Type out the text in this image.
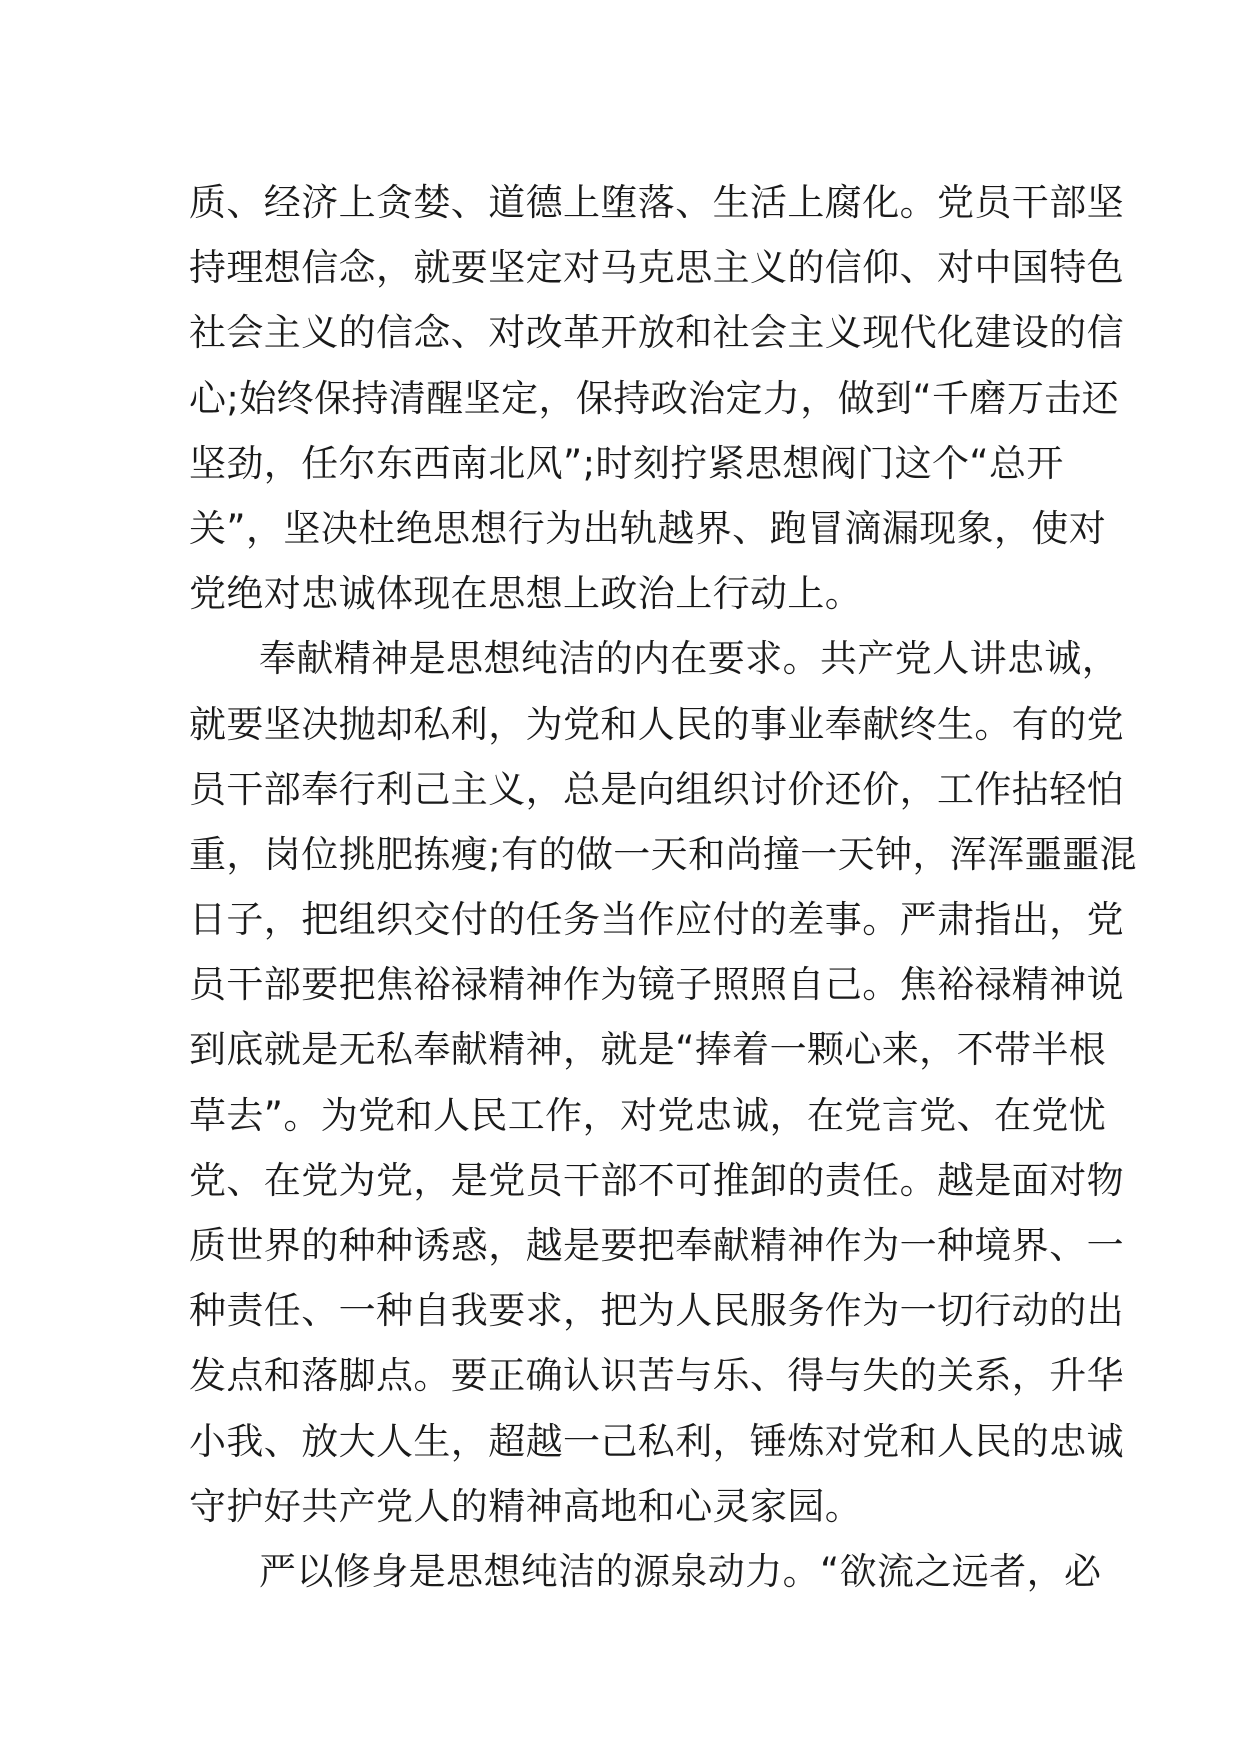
质、经济上贪婪、道德上堕落、生活上腐化。党员干部坚
持理想信念，就要坚定对马克思主义的信仰、对中国特色
社会主义的信念、对改革开放和社会主义现代化建设的信
心;始终保持清醒坚定，保持政治定力，做到“千磨万击还
坚劲，任尔东西南北风”;时刻拧紧思想阀门这个“总开
关”，坚决杜绝思想行为出轨越界、跑冒滴漏现象，使对
党绝对忠诚体现在思想上政治上行动上。
奉献精神是思想纯洁的内在要求。共产党人讲忠诚，
就要坚决抛却私利，为党和人民的事业奉献终生。有的党
员干部奉行利己主义，总是向组织讨价还价，工作拈轻怕
重，岗位挑肥拣瘦;有的做一天和尚撞一天钟，浑浑噩噩混
日子，把组织交付的任务当作应付的差事。严肃指出，党
员干部要把焦裕禄精神作为镜子照照自己。焦裕禄精神说
到底就是无私奉献精神，就是“捧着一颗心来，不带半根
草去”。为党和人民工作，对党忠诚，在党言党、在党忧
党、在党为党，是党员干部不可推卸的责任。越是面对物
质世界的种种诱惑，越是要把奉献精神作为一种境界、一
种责任、一种自我要求，把为人民服务作为一切行动的出
发点和落脚点。要正确认识苦与乐、得与失的关系，升华
小我、放大人生，超越一己私利，锤炼对党和人民的忠诚
守护好共产党人的精神高地和心灵家园。
严以修身是思想纯洁的源泉动力。“欲流之远者，必
